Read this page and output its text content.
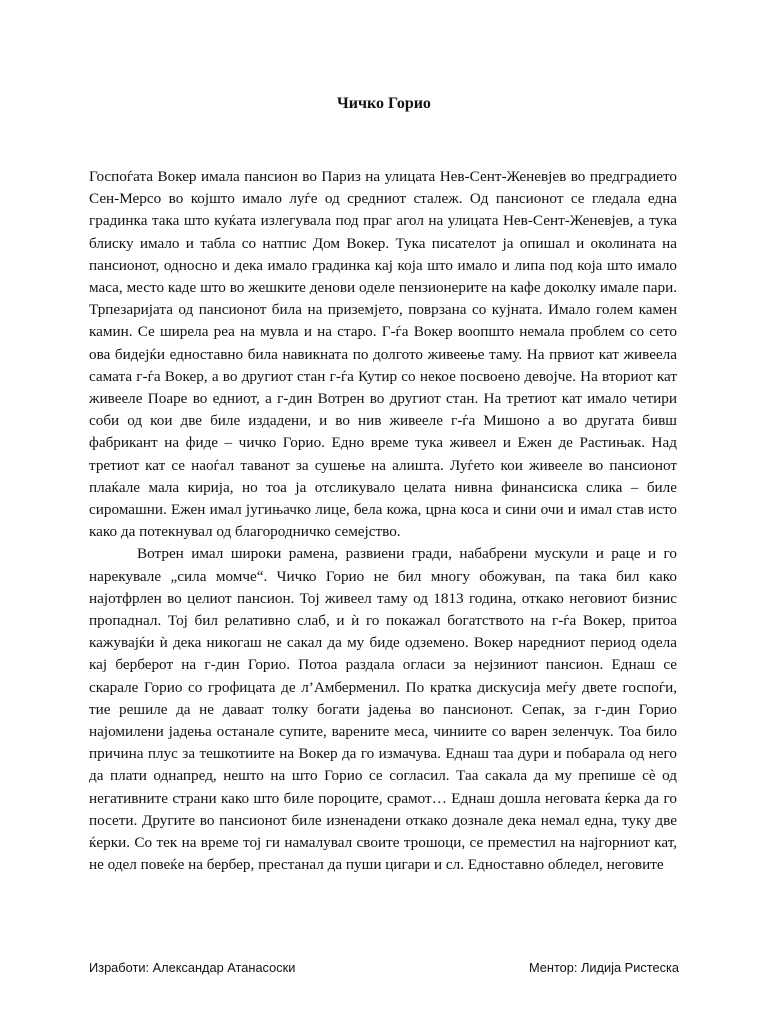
Чичко Горио

Госпоѓата Вокер имала пансион во Париз на улицата Нев-Сент-Женевјев во предградието Сен-Мерсо во којшто имало луѓе од средниот сталеж. Од пансионот се гледала една градинка така што куќата излегувала под праг агол на улицата Нев-Сент-Женевјев, а тука блиску имало и табла со натпис Дом Вокер. Тука писателот ја опишал и околината на пансионот, односно и дека имало градинка кај која што имало и липа под која што имало маса, место каде што во жешките денови оделе пензионерите на кафе доколку имале пари. Трпезаријата од пансионот била на приземјето, поврзана со кујната. Имало голем камен камин. Се ширела реа на мувла и на старо. Г-ѓа Вокер воопшто немала проблем со сето ова бидејќи едноставно била навикната по долгото живеење таму. На првиот кат живеела самата г-ѓа Вокер, а во другиот стан г-ѓа Кутир со некое посвоено девојче. На вториот кат живееле Поаре во едниот, а г-дин Вотрен во другиот стан. На третиот кат имало четири соби од кои две биле издадени, и во нив живееле г-ѓа Мишоно а во другата бивш фабрикант на фиде – чичко Горио. Едно време тука живеел и Ежен де Растињак. Над третиот кат се наоѓал таванот за сушење на алишта. Луѓето кои живееле во пансионот плаќале мала кирија, но тоа ја отсликувало целата нивна финансиска слика – биле сиромашни. Ежен имал југињачко лице, бела кожа, црна коса и сини очи и имал став исто како да потекнувал од благородничко семејство.

Вотрен имал широки рамена, развиени гради, набабрени мускули и раце и го нарекувале „сила момче“. Чичко Горио не бил многу обожуван, па така бил како најотфрлен во целиот пансион. Тој живеел таму од 1813 година, откако неговиот бизнис пропаднал. Тој бил релативно слаб, и ѝ го покажал богатството на г-ѓа Вокер, притоа кажувајќи ѝ дека никогаш не сакал да му биде одземено. Вокер наредниот период одела кај берберот на г-дин Горио. Потоа раздала огласи за нејзиниот пансион. Еднаш се скарале Горио со грофицата де л’Амберменил. По кратка дискусија меѓу двете госпоѓи, тие решиле да не даваат толку богати јадења во пансионот. Сепак, за г-дин Горио најомилени јадења останале супите, варените меса, чиниите со варен зеленчук. Тоа било причина плус за тешкотиите на Вокер да го измачува. Еднаш таа дури и побарала од него да плати однапред, нешто на што Горио се согласил. Таа сакала да му препише сè од негативните страни како што биле пороците, срамот… Еднаш дошла неговата ќерка да го посети. Другите во пансионот биле изненадени откако дознале дека немал една, туку две ќерки. Со тек на време тој ги намалувал своите трошоци, се преместил на најгорниот кат, не одел повеќе на бербер, престанал да пуши цигари и сл. Едноставно обледел, неговите

Изработи: Александар Атанасоски	Ментор: Лидија Ристеска
